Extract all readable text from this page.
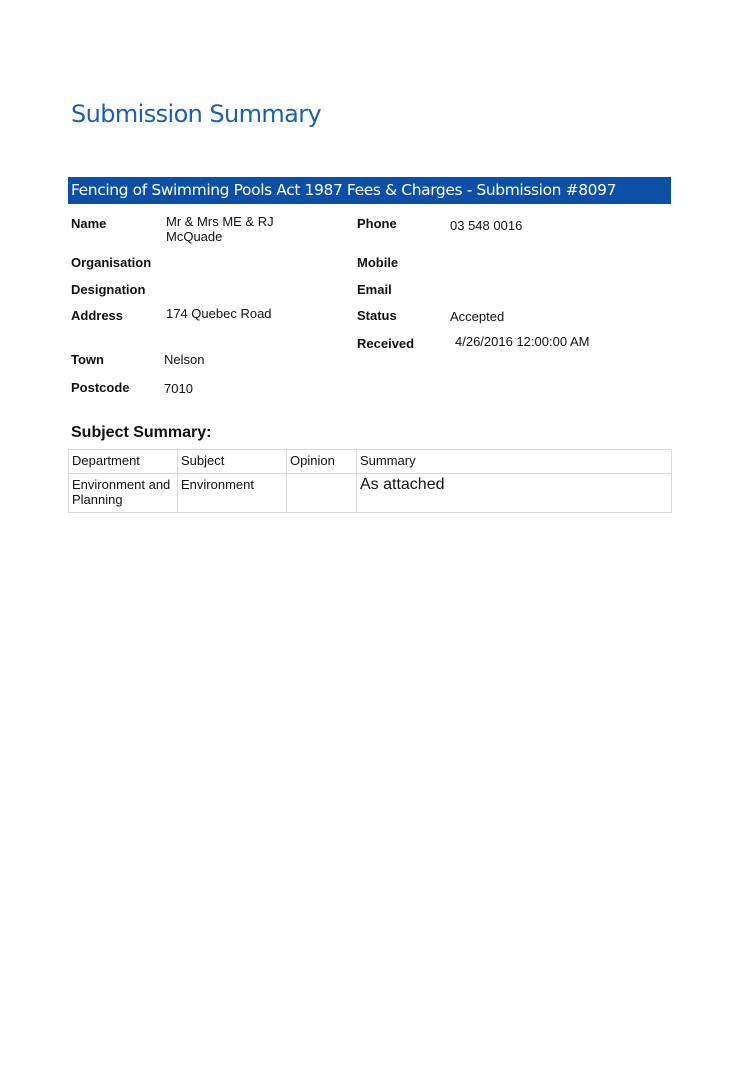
Submission Summary
Fencing of Swimming Pools Act 1987 Fees & Charges - Submission #8097
Name	Mr & Mrs ME & RJ McQuade
Organisation
Designation
Address	174 Quebec Road
Town	Nelson
Postcode	7010
Phone	03 548 0016
Mobile
Email
Status	Accepted
Received	4/26/2016 12:00:00 AM
Subject Summary:
Department	Subject	Opinion	Summary
Environment and Planning	Environment		As attached
